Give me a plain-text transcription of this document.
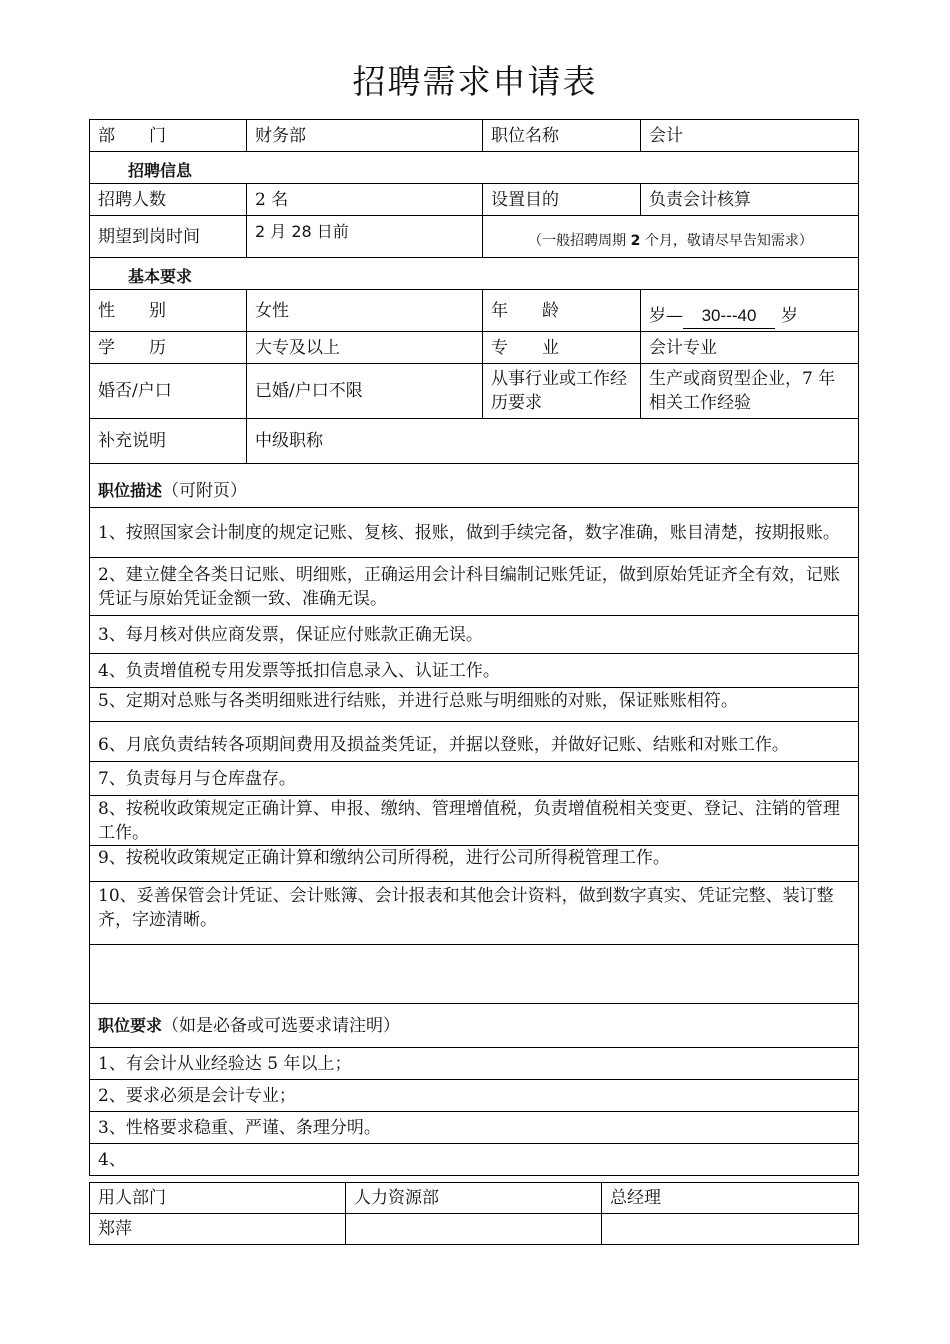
招聘需求申请表
部　　门	财务部	职位名称	会计
招聘信息			
招聘人数	2 名	设置目的	负责会计核算
期望到岗时间	2 月 28 日前	（一般招聘周期 2 个月，敬请尽早告知需求）	
基本要求			
性　　别	女性	年　　龄	岁— 30---40 岁
学　　历	大专及以上	专　　业	会计专业
婚否/户口	已婚/户口不限	从事行业或工作经历要求	生产或商贸型企业，7 年相关工作经验
补充说明	中级职称		
职位描述（可附页）			
1、按照国家会计制度的规定记账、复核、报账，做到手续完备，数字准确，账目清楚，按期报账。			
2、建立健全各类日记账、明细账，正确运用会计科目编制记账凭证，做到原始凭证齐全有效，记账凭证与原始凭证金额一致、准确无误。			
3、每月核对供应商发票，保证应付账款正确无误。			
4、负责增值税专用发票等抵扣信息录入、认证工作。			
5、定期对总账与各类明细账进行结账，并进行总账与明细账的对账，保证账账相符。			
6、月底负责结转各项期间费用及损益类凭证，并据以登账，并做好记账、结账和对账工作。			
7、负责每月与仓库盘存。			
8、按税收政策规定正确计算、申报、缴纳、管理增值税，负责增值税相关变更、登记、注销的管理工作。			
9、按税收政策规定正确计算和缴纳公司所得税，进行公司所得税管理工作。			
10、妥善保管会计凭证、会计账簿、会计报表和其他会计资料，做到数字真实、凭证完整、装订整齐，字迹清晰。			

职位要求（如是必备或可选要求请注明）			
1、有会计从业经验达 5 年以上；			
2、要求必须是会计专业；			
3、性格要求稳重、严谨、条理分明。			
4、			
用人部门	人力资源部	总经理
郑萍		
